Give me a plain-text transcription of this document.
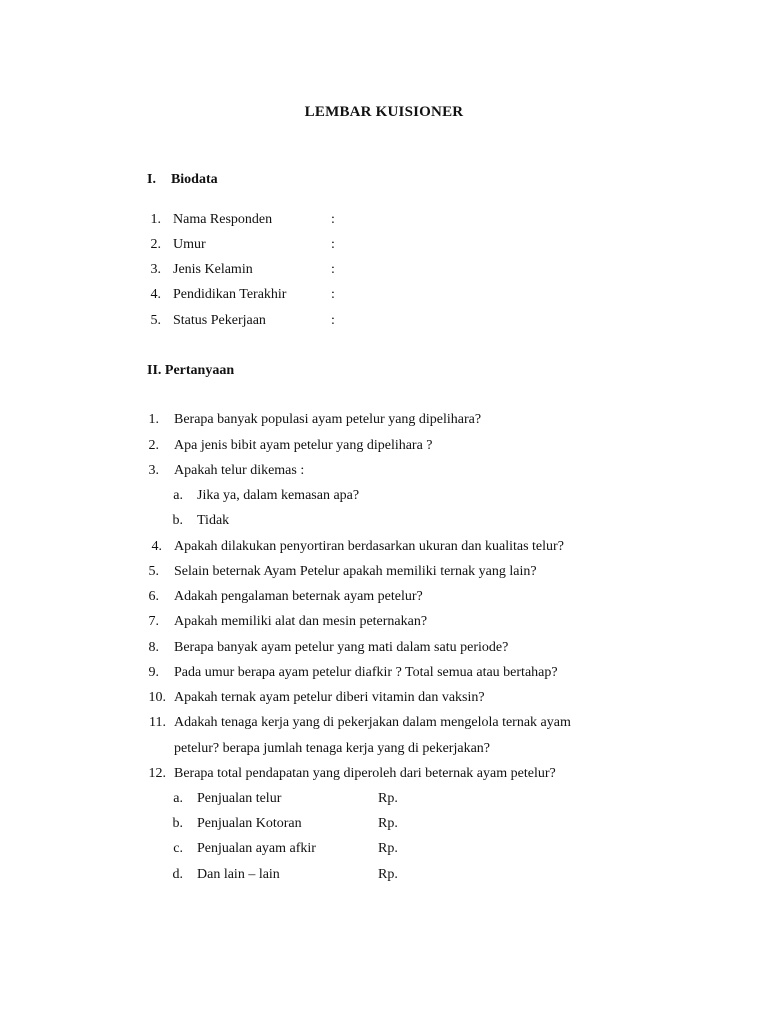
LEMBAR KUISIONER
I. Biodata
1. Nama Responden	:
2. Umur	:
3. Jenis Kelamin	:
4. Pendidikan Terakhir	:
5. Status Pekerjaan	:
II. Pertanyaan
1. Berapa banyak populasi ayam petelur yang dipelihara?
2. Apa jenis bibit ayam petelur yang dipelihara ?
3. Apakah telur dikemas :
a. Jika ya, dalam kemasan apa?
b. Tidak
4. Apakah dilakukan penyortiran berdasarkan ukuran dan kualitas telur?
5. Selain beternak Ayam Petelur apakah memiliki ternak yang lain?
6. Adakah pengalaman beternak ayam petelur?
7. Apakah memiliki alat dan mesin peternakan?
8. Berapa banyak ayam petelur yang mati dalam satu periode?
9. Pada umur berapa ayam petelur diafkir ? Total semua atau bertahap?
10. Apakah ternak ayam petelur diberi vitamin dan vaksin?
11. Adakah tenaga kerja yang di pekerjakan dalam mengelola ternak ayam
petelur? berapa jumlah tenaga kerja yang di pekerjakan?
12. Berapa total pendapatan yang diperoleh dari beternak ayam petelur?
a. Penjualan telur	Rp.
b. Penjualan Kotoran	Rp.
c. Penjualan ayam afkir	Rp.
d. Dan lain – lain	Rp.
